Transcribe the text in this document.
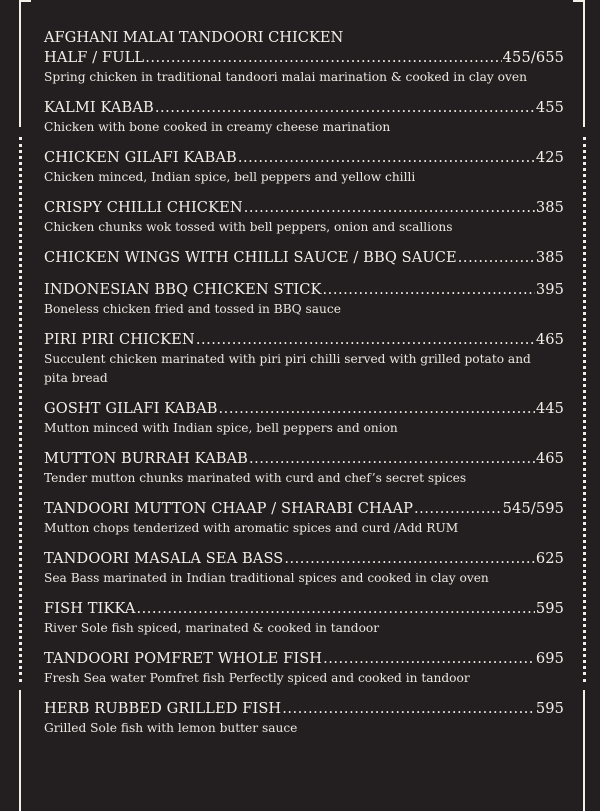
AFGHANI MALAI TANDOORI CHICKEN
HALF / FULL .....	455/655
Spring chicken in traditional tandoori malai marination & cooked in clay oven
KALMI KABAB .....	455
Chicken with bone cooked in creamy cheese marination
CHICKEN GILAFI KABAB .....	425
Chicken minced, Indian spice, bell peppers and yellow chilli
CRISPY CHILLI CHICKEN .....	385
Chicken chunks wok tossed with bell peppers, onion and scallions
CHICKEN WINGS WITH CHILLI SAUCE / BBQ SAUCE .....	385
INDONESIAN BBQ CHICKEN STICK .....	395
Boneless chicken fried and tossed in BBQ sauce
PIRI PIRI CHICKEN .....	465
Succulent chicken marinated with piri piri chilli served with grilled potato and pita bread
GOSHT GILAFI KABAB .....	445
Mutton minced with Indian spice, bell peppers and onion
MUTTON BURRAH KABAB .....	465
Tender mutton chunks marinated with curd and chef’s secret spices
TANDOORI MUTTON CHAAP / SHARABI CHAAP .....	545/595
Mutton chops tenderized with aromatic spices and curd /Add RUM
TANDOORI MASALA SEA BASS .....	625
Sea Bass marinated in Indian traditional spices and cooked in clay oven
FISH TIKKA .....	595
River Sole fish spiced, marinated & cooked in tandoor
TANDOORI POMFRET WHOLE FISH .....	695
Fresh Sea water Pomfret fish Perfectly spiced and cooked in tandoor
HERB RUBBED GRILLED FISH .....	595
Grilled Sole fish with lemon butter sauce
